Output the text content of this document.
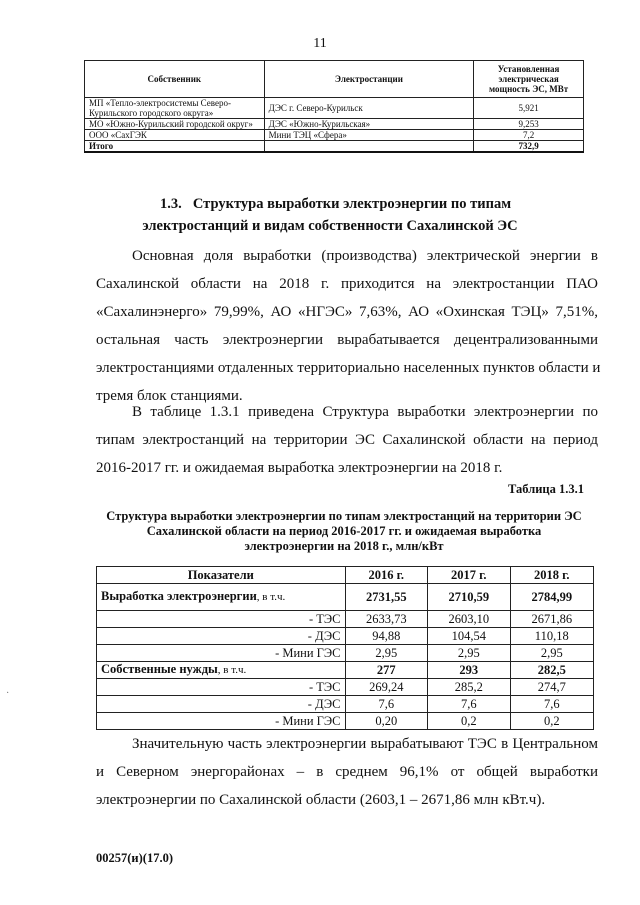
11
Собственник	Электростанции	Установленная электрическая мощность ЭС, МВт
МП «Тепло-электросистемы Северо-Курильского городского округа»	ДЭС г. Северо-Курильск	5,921
МО «Южно-Курильский городской округ»	ДЭС «Южно-Курильская»	9,253
ООО «СахГЭК	Мини ТЭЦ «Сфера»	7,2
Итого		732,9
1.3. Структура выработки электроэнергии по типам
электростанций и видам собственности Сахалинской ЭС
Основная доля выработки (производства) электрической энергии в
Сахалинской области на 2018 г. приходится на электростанции ПАО
«Сахалинэнерго» 79,99%, АО «НГЭС» 7,63%, АО «Охинская ТЭЦ» 7,51%,
остальная часть электроэнергии вырабатывается децентрализованными
электростанциями отдаленных территориально населенных пунктов области и
тремя блок станциями.
В таблице 1.3.1 приведена Структура выработки электроэнергии по
типам электростанций на территории ЭС Сахалинской области на период
2016-2017 гг. и ожидаемая выработка электроэнергии на 2018 г.
Таблица 1.3.1
Структура выработки электроэнергии по типам электростанций на территории ЭС
Сахалинской области на период 2016-2017 гг. и ожидаемая выработка
электроэнергии на 2018 г., млн/кВт
Показатели	2016 г.	2017 г.	2018 г.
Выработка электроэнергии, в т.ч.	2731,55	2710,59	2784,99
- ТЭС	2633,73	2603,10	2671,86
- ДЭС	94,88	104,54	110,18
- Мини ГЭС	2,95	2,95	2,95
Собственные нужды, в т.ч.	277	293	282,5
- ТЭС	269,24	285,2	274,7
- ДЭС	7,6	7,6	7,6
- Мини ГЭС	0,20	0,2	0,2
Значительную часть электроэнергии вырабатывают ТЭС в Центральном
и Северном энергорайонах – в среднем 96,1% от общей выработки
электроэнергии по Сахалинской области (2603,1 – 2671,86 млн кВт.ч).
·
00257(и)(17.0)
